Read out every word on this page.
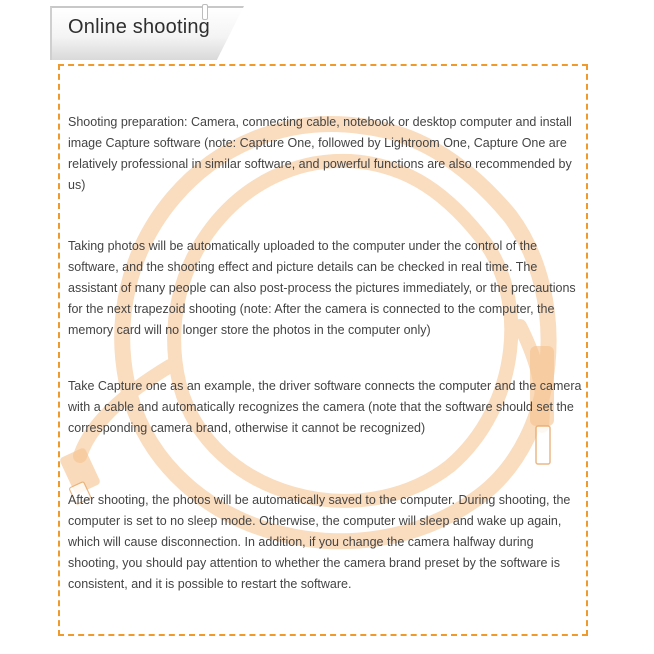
Online shooting

Shooting preparation: Camera, connecting cable, notebook or desktop computer and install image Capture software (note: Capture One, followed by Lightroom One, Capture One are relatively professional in similar software, and powerful functions are also recommended by us)

Taking photos will be automatically uploaded to the computer under the control of the software, and the shooting effect and picture details can be checked in real time. The assistant of many people can also post-process the pictures immediately, or the precautions for the next trapezoid shooting (note: After the camera is connected to the computer, the memory card will no longer store the photos in the computer only)

Take Capture one as an example, the driver software connects the computer and the camera with a cable and automatically recognizes the camera (note that the software should set the corresponding camera brand, otherwise it cannot be recognized)

After shooting, the photos will be automatically saved to the computer. During shooting, the computer is set to no sleep mode. Otherwise, the computer will sleep and wake up again, which will cause disconnection. In addition, if you change the camera halfway during shooting, you should pay attention to whether the camera brand preset by the software is consistent, and it is possible to restart the software.
